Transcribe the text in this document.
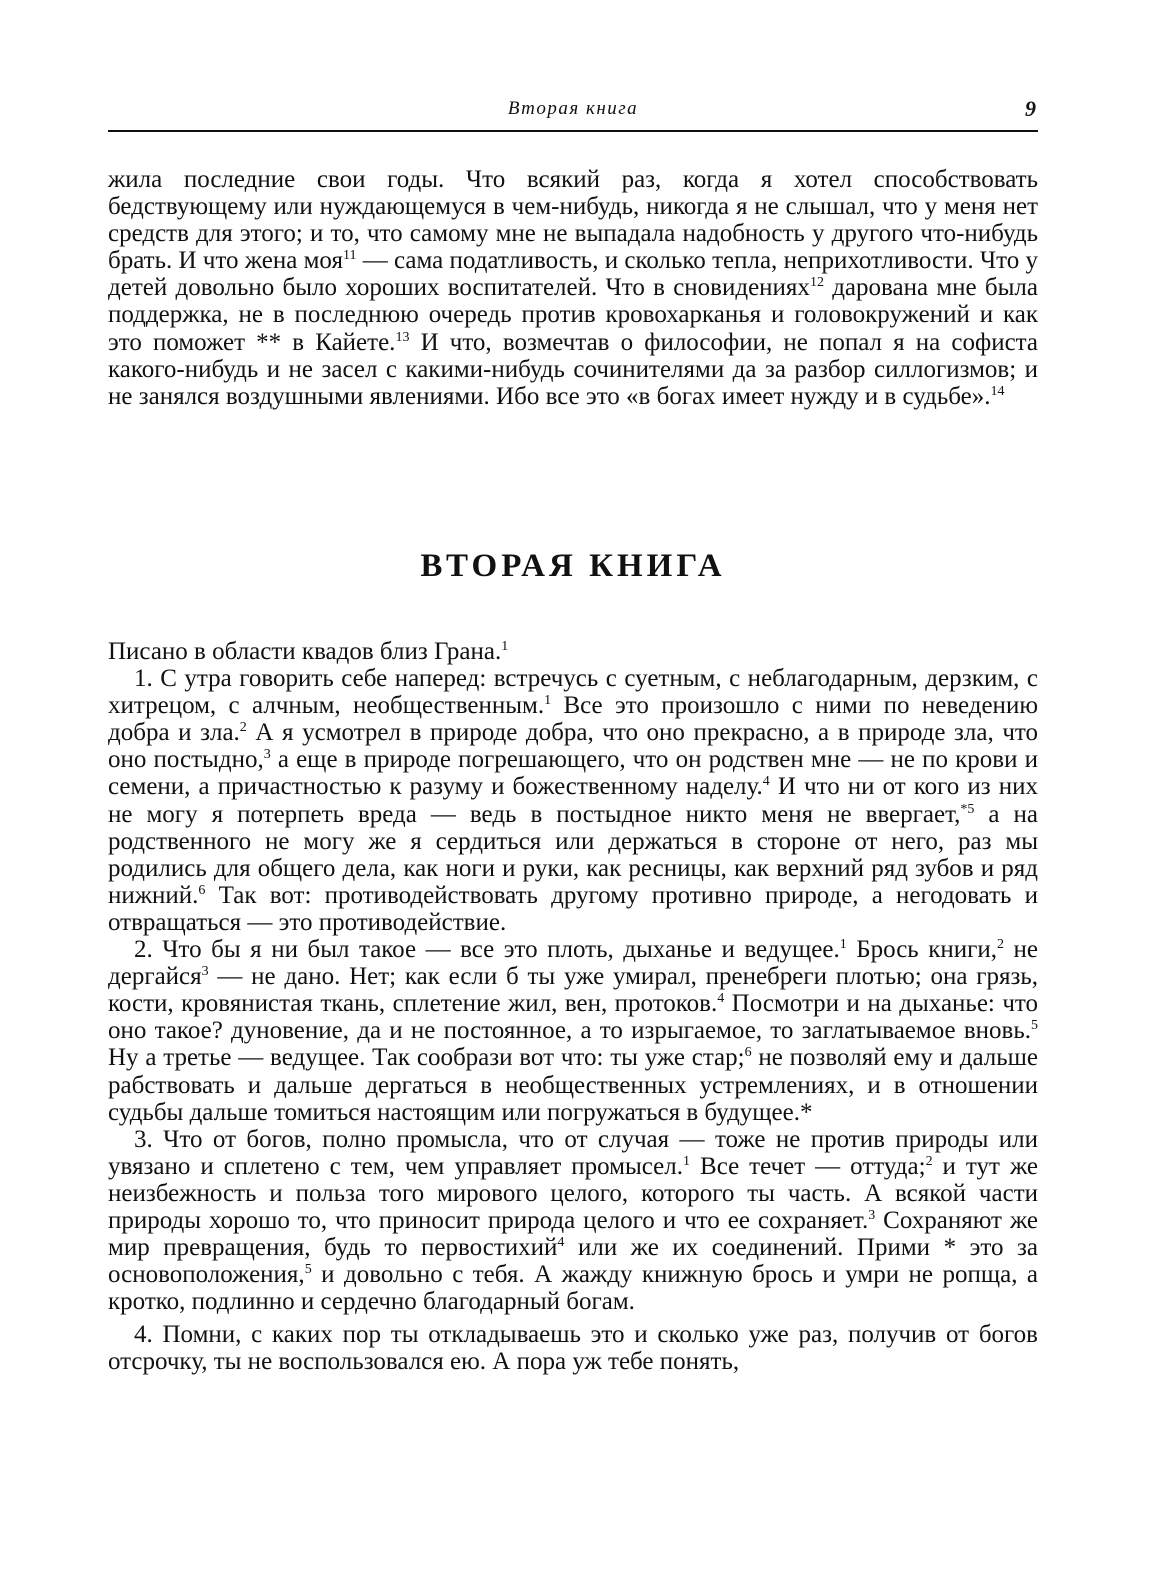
Вторая книга	9

жила последние свои годы. Что всякий раз, когда я хотел способствовать бедствующему или нуждающемуся в чем-нибудь, никогда я не слышал, что у меня нет средств для этого; и то, что самому мне не выпадала надобность у другого что-нибудь брать. И что жена моя$^{11}$ — сама податливость, и сколько тепла, неприхотливости. Что у детей довольно было хороших воспитателей. Что в сновидениях$^{12}$ дарована мне была поддержка, не в последнюю очередь против кровохарканья и головокружений и как это поможет ** в Кайете.$^{13}$ И что, возмечтав о философии, не попал я на софиста какого-нибудь и не засел с какими-нибудь сочинителями да за разбор силлогизмов; и не занялся воздушными явлениями. Ибо все это «в богах имеет нужду и в судьбе».$^{14}$

ВТОРАЯ КНИГА

Писано в области квадов близ Грана.$^1$

1. С утра говорить себе наперед: встречусь с суетным, с неблагодарным, дерзким, с хитрецом, с алчным, необщественным.$^1$ Все это произошло с ними по неведению добра и зла.$^2$ А я усмотрел в природе добра, что оно прекрасно, а в природе зла, что оно постыдно,$^3$ а еще в природе погрешающего, что он родствен мне — не по крови и семени, а причастностью к разуму и божественному наделу.$^4$ И что ни от кого из них не могу я потерпеть вреда — ведь в постыдное никто меня не ввергает,$^{*5}$ а на родственного не могу же я сердиться или держаться в стороне от него, раз мы родились для общего дела, как ноги и руки, как ресницы, как верхний ряд зубов и ряд нижний.$^6$ Так вот: противодействовать другому противно природе, а негодовать и отвращаться — это противодействие.

2. Что бы я ни был такое — все это плоть, дыханье и ведущее.$^1$ Брось книги,$^2$ не дергайся$^3$ — не дано. Нет; как если б ты уже умирал, пренебреги плотью; она грязь, кости, кровянистая ткань, сплетение жил, вен, протоков.$^4$ Посмотри и на дыханье: что оно такое? дуновение, да и не постоянное, а то изрыгаемое, то заглатываемое вновь.$^5$ Ну а третье — ведущее. Так сообрази вот что: ты уже стар;$^6$ не позволяй ему и дальше рабствовать и дальше дергаться в необщественных устремлениях, и в отношении судьбы дальше томиться настоящим или погружаться в будущее.*

3. Что от богов, полно промысла, что от случая — тоже не против природы или увязано и сплетено с тем, чем управляет промысел.$^1$ Все течет — оттуда;$^2$ и тут же неизбежность и польза того мирового целого, которого ты часть. А всякой части природы хорошо то, что приносит природа целого и что ее сохраняет.$^3$ Сохраняют же мир превращения, будь то первостихий$^4$ или же их соединений. Прими * это за основоположения,$^5$ и довольно с тебя. А жажду книжную брось и умри не ропща, а кротко, подлинно и сердечно благодарный богам.

4. Помни, с каких пор ты откладываешь это и сколько уже раз, получив от богов отсрочку, ты не воспользовался ею. А пора уж тебе понять,
